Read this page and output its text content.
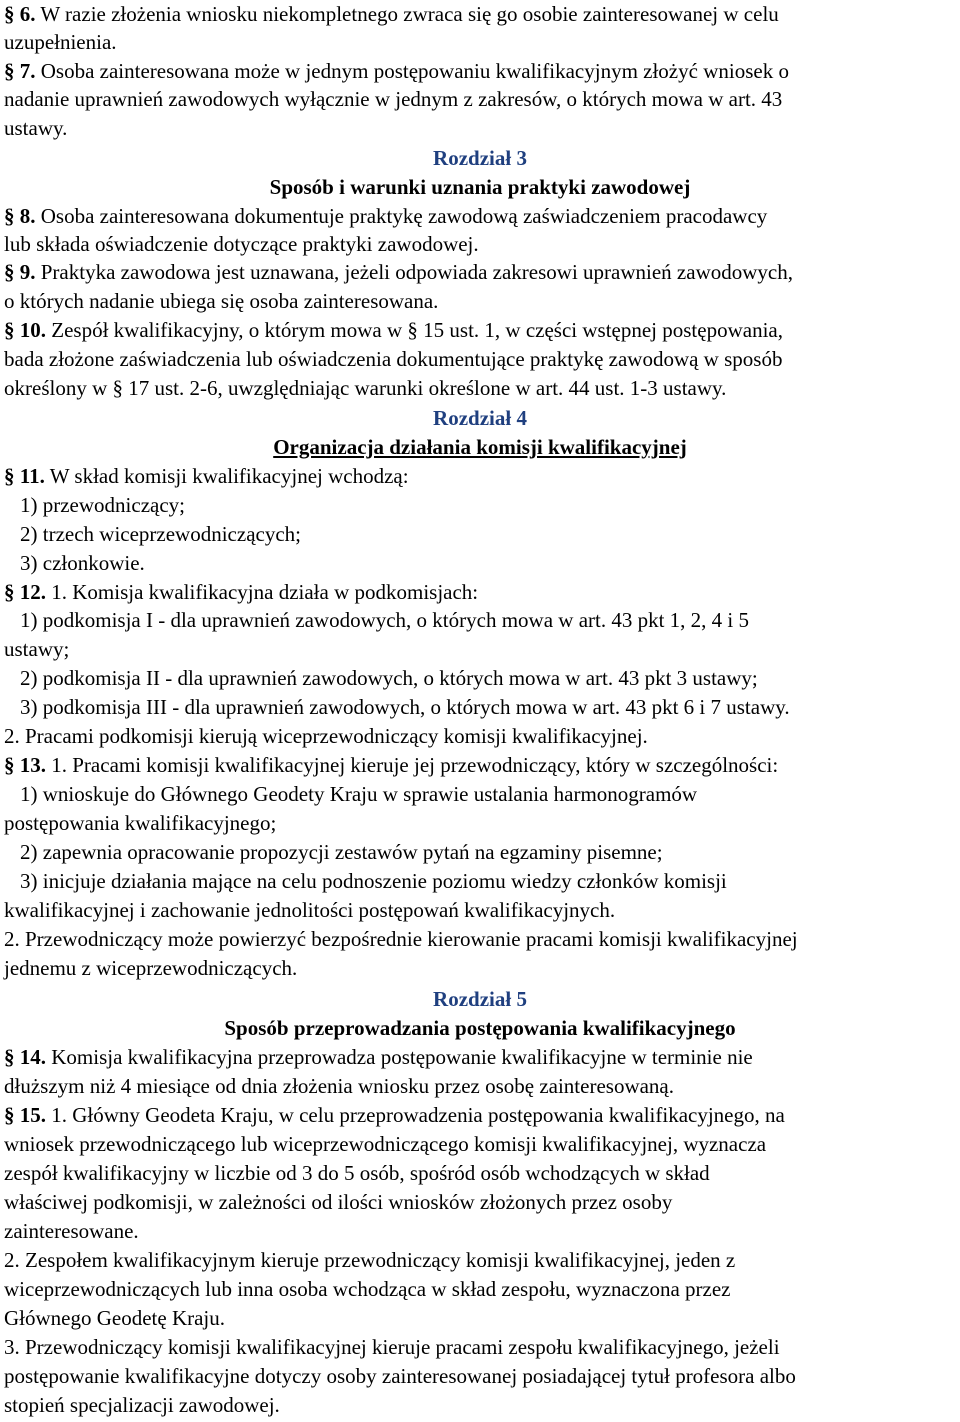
§ 6. W razie złożenia wniosku niekompletnego zwraca się go osobie zainteresowanej w celu
uzupełnienia.
§ 7. Osoba zainteresowana może w jednym postępowaniu kwalifikacyjnym złożyć wniosek o
nadanie uprawnień zawodowych wyłącznie w jednym z zakresów, o których mowa w art. 43
ustawy.
Rozdział 3
Sposób i warunki uznania praktyki zawodowej
§ 8. Osoba zainteresowana dokumentuje praktykę zawodową zaświadczeniem pracodawcy
lub składa oświadczenie dotyczące praktyki zawodowej.
§ 9. Praktyka zawodowa jest uznawana, jeżeli odpowiada zakresowi uprawnień zawodowych,
o których nadanie ubiega się osoba zainteresowana.
§ 10. Zespół kwalifikacyjny, o którym mowa w § 15 ust. 1, w części wstępnej postępowania,
bada złożone zaświadczenia lub oświadczenia dokumentujące praktykę zawodową w sposób
określony w § 17 ust. 2-6, uwzględniając warunki określone w art. 44 ust. 1-3 ustawy.
Rozdział 4
Organizacja działania komisji kwalifikacyjnej
§ 11. W skład komisji kwalifikacyjnej wchodzą:
1) przewodniczący;
2) trzech wiceprzewodniczących;
3) członkowie.
§ 12. 1. Komisja kwalifikacyjna działa w podkomisjach:
1) podkomisja I - dla uprawnień zawodowych, o których mowa w art. 43 pkt 1, 2, 4 i 5
ustawy;
2) podkomisja II - dla uprawnień zawodowych, o których mowa w art. 43 pkt 3 ustawy;
3) podkomisja III - dla uprawnień zawodowych, o których mowa w art. 43 pkt 6 i 7 ustawy.
2. Pracami podkomisji kierują wiceprzewodniczący komisji kwalifikacyjnej.
§ 13. 1. Pracami komisji kwalifikacyjnej kieruje jej przewodniczący, który w szczególności:
1) wnioskuje do Głównego Geodety Kraju w sprawie ustalania harmonogramów
postępowania kwalifikacyjnego;
2) zapewnia opracowanie propozycji zestawów pytań na egzaminy pisemne;
3) inicjuje działania mające na celu podnoszenie poziomu wiedzy członków komisji
kwalifikacyjnej i zachowanie jednolitości postępowań kwalifikacyjnych.
2. Przewodniczący może powierzyć bezpośrednie kierowanie pracami komisji kwalifikacyjnej
jednemu z wiceprzewodniczących.
Rozdział 5
Sposób przeprowadzania postępowania kwalifikacyjnego
§ 14. Komisja kwalifikacyjna przeprowadza postępowanie kwalifikacyjne w terminie nie
dłuższym niż 4 miesiące od dnia złożenia wniosku przez osobę zainteresowaną.
§ 15. 1. Główny Geodeta Kraju, w celu przeprowadzenia postępowania kwalifikacyjnego, na
wniosek przewodniczącego lub wiceprzewodniczącego komisji kwalifikacyjnej, wyznacza
zespół kwalifikacyjny w liczbie od 3 do 5 osób, spośród osób wchodzących w skład
właściwej podkomisji, w zależności od ilości wniosków złożonych przez osoby
zainteresowane.
2. Zespołem kwalifikacyjnym kieruje przewodniczący komisji kwalifikacyjnej, jeden z
wiceprzewodniczących lub inna osoba wchodząca w skład zespołu, wyznaczona przez
Głównego Geodetę Kraju.
3. Przewodniczący komisji kwalifikacyjnej kieruje pracami zespołu kwalifikacyjnego, jeżeli
postępowanie kwalifikacyjne dotyczy osoby zainteresowanej posiadającej tytuł profesora albo
stopień specjalizacji zawodowej.
